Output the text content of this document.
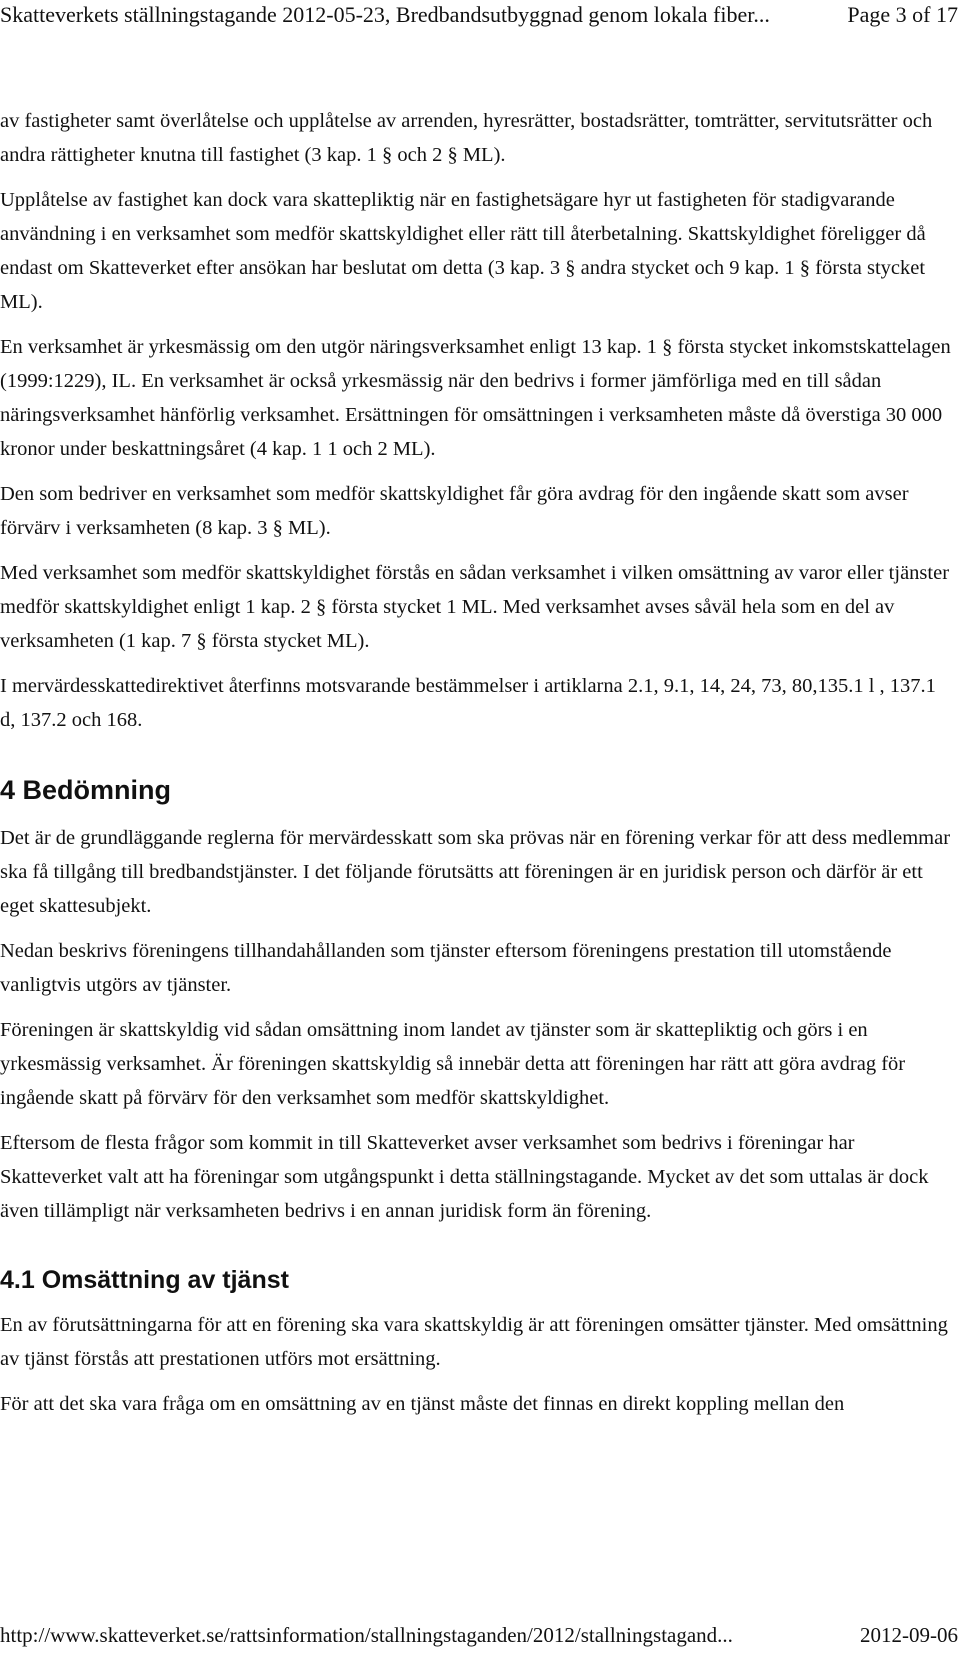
Skatteverkets ställningstagande 2012-05-23, Bredbandsutbyggnad genom lokala fiber...	Page 3 of 17

av fastigheter samt överlåtelse och upplåtelse av arrenden, hyresrätter, bostadsrätter, tomträtter, servitutsrätter och andra rättigheter knutna till fastighet (3 kap. 1 § och 2 § ML).

Upplåtelse av fastighet kan dock vara skattepliktig när en fastighetsägare hyr ut fastigheten för stadigvarande användning i en verksamhet som medför skattskyldighet eller rätt till återbetalning. Skattskyldighet föreligger då endast om Skatteverket efter ansökan har beslutat om detta (3 kap. 3 § andra stycket och 9 kap. 1 § första stycket ML).

En verksamhet är yrkesmässig om den utgör näringsverksamhet enligt 13 kap. 1 § första stycket inkomstskattelagen (1999:1229), IL. En verksamhet är också yrkesmässig när den bedrivs i former jämförliga med en till sådan näringsverksamhet hänförlig verksamhet. Ersättningen för omsättningen i verksamheten måste då överstiga 30 000 kronor under beskattningsåret (4 kap. 1 1 och 2 ML).

Den som bedriver en verksamhet som medför skattskyldighet får göra avdrag för den ingående skatt som avser förvärv i verksamheten (8 kap. 3 § ML).

Med verksamhet som medför skattskyldighet förstås en sådan verksamhet i vilken omsättning av varor eller tjänster medför skattskyldighet enligt 1 kap. 2 § första stycket 1 ML. Med verksamhet avses såväl hela som en del av verksamheten (1 kap. 7 § första stycket ML).

I mervärdesskattedirektivet återfinns motsvarande bestämmelser i artiklarna 2.1, 9.1, 14, 24, 73, 80,135.1 l , 137.1 d, 137.2 och 168.

4 Bedömning

Det är de grundläggande reglerna för mervärdesskatt som ska prövas när en förening verkar för att dess medlemmar ska få tillgång till bredbandstjänster. I det följande förutsätts att föreningen är en juridisk person och därför är ett eget skattesubjekt.

Nedan beskrivs föreningens tillhandahållanden som tjänster eftersom föreningens prestation till utomstående vanligtvis utgörs av tjänster.

Föreningen är skattskyldig vid sådan omsättning inom landet av tjänster som är skattepliktig och görs i en yrkesmässig verksamhet. Är föreningen skattskyldig så innebär detta att föreningen har rätt att göra avdrag för ingående skatt på förvärv för den verksamhet som medför skattskyldighet.

Eftersom de flesta frågor som kommit in till Skatteverket avser verksamhet som bedrivs i föreningar har Skatteverket valt att ha föreningar som utgångspunkt i detta ställningstagande. Mycket av det som uttalas är dock även tillämpligt när verksamheten bedrivs i en annan juridisk form än förening.

4.1 Omsättning av tjänst

En av förutsättningarna för att en förening ska vara skattskyldig är att föreningen omsätter tjänster. Med omsättning av tjänst förstås att prestationen utförs mot ersättning.

För att det ska vara fråga om en omsättning av en tjänst måste det finnas en direkt koppling mellan den

http://www.skatteverket.se/rattsinformation/stallningstaganden/2012/stallningstagand...	2012-09-06
